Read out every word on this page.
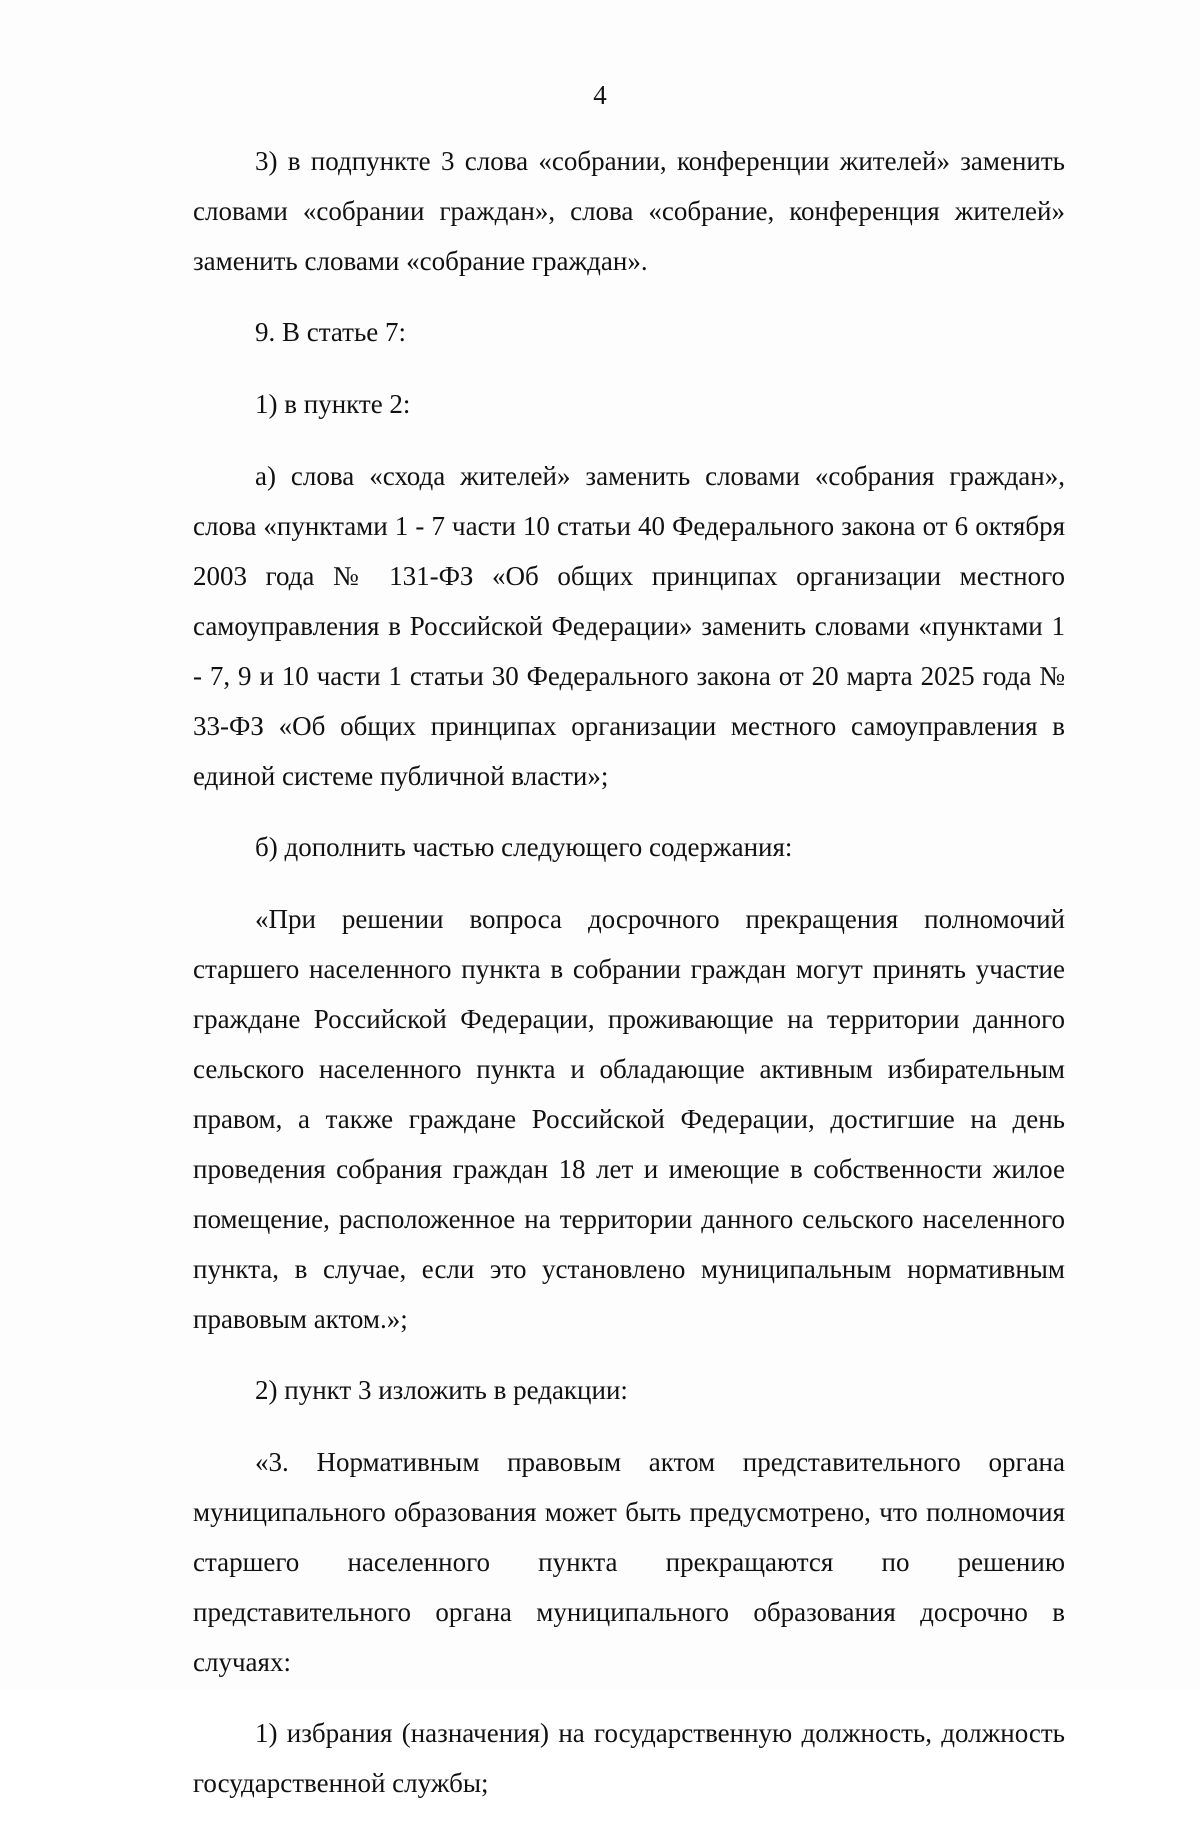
4

3) в подпункте 3 слова «собрании, конференции жителей» заменить словами «собрании граждан», слова «собрание, конференция жителей» заменить словами «собрание граждан».

9. В статье 7:

1) в пункте 2:

а) слова «схода жителей» заменить словами «собрания граждан», слова «пунктами 1 - 7 части 10 статьи 40 Федерального закона от 6 октября 2003 года № 131-ФЗ «Об общих принципах организации местного самоуправления в Российской Федерации» заменить словами «пунктами 1 - 7, 9 и 10 части 1 статьи 30 Федерального закона от 20 марта 2025 года № 33-ФЗ «Об общих принципах организации местного самоуправления в единой системе публичной власти»;

б) дополнить частью следующего содержания:

«При решении вопроса досрочного прекращения полномочий старшего населенного пункта в собрании граждан могут принять участие граждане Российской Федерации, проживающие на территории данного сельского населенного пункта и обладающие активным избирательным правом, а также граждане Российской Федерации, достигшие на день проведения собрания граждан 18 лет и имеющие в собственности жилое помещение, расположенное на территории данного сельского населенного пункта, в случае, если это установлено муниципальным нормативным правовым актом.»;

2) пункт 3 изложить в редакции:

«3. Нормативным правовым актом представительного органа муниципального образования может быть предусмотрено, что полномочия старшего населенного пункта прекращаются по решению представительного органа муниципального образования досрочно в случаях:

1) избрания (назначения) на государственную должность, должность государственной службы;
